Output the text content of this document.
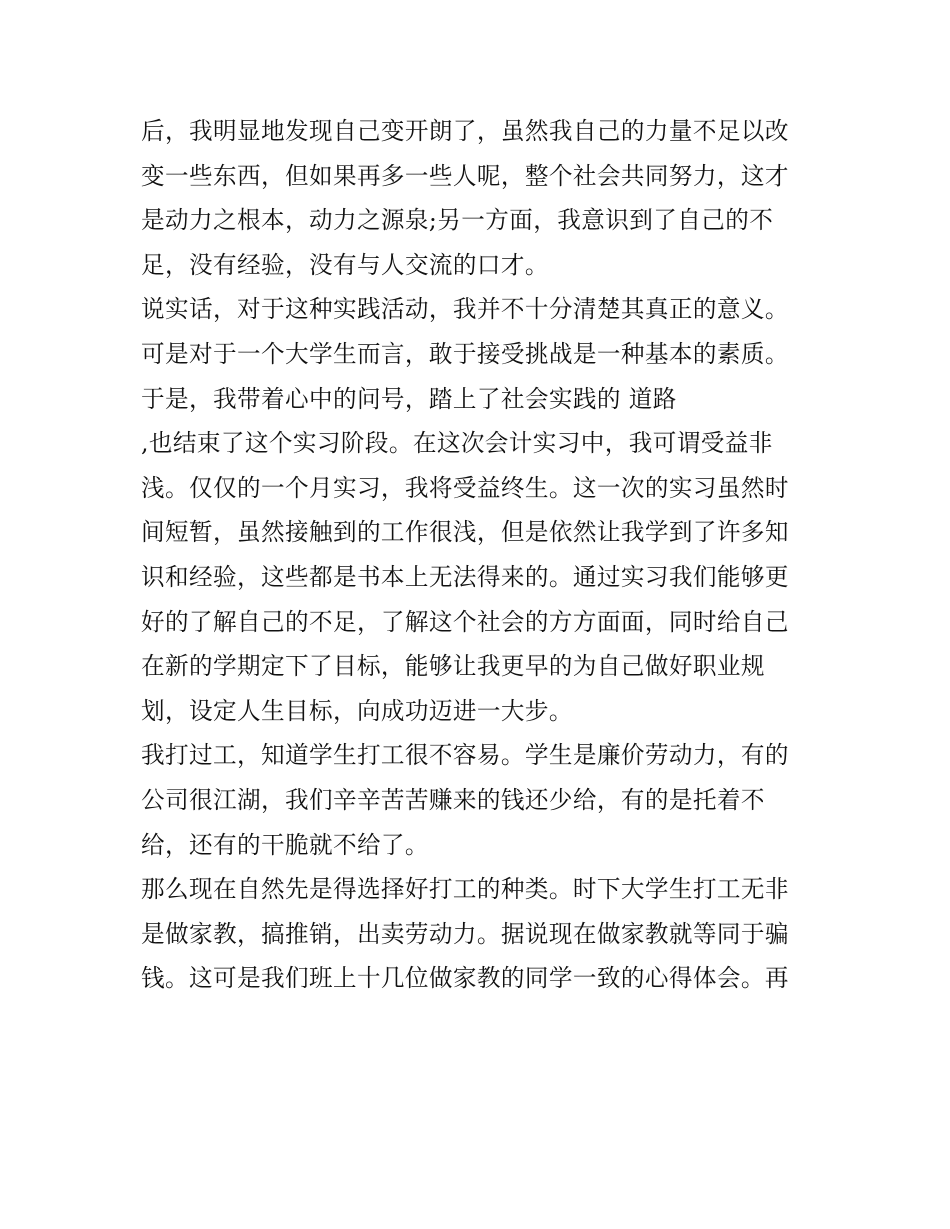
后，我明显地发现自己变开朗了，虽然我自己的力量不足以改
变一些东西，但如果再多一些人呢，整个社会共同努力，这才
是动力之根本，动力之源泉;另一方面，我意识到了自己的不
足，没有经验，没有与人交流的口才。
说实话，对于这种实践活动，我并不十分清楚其真正的意义。
可是对于一个大学生而言，敢于接受挑战是一种基本的素质。
于是，我带着心中的问号，踏上了社会实践的 道路
,也结束了这个实习阶段。在这次会计实习中，我可谓受益非
浅。仅仅的一个月实习，我将受益终生。这一次的实习虽然时
间短暂，虽然接触到的工作很浅，但是依然让我学到了许多知
识和经验，这些都是书本上无法得来的。通过实习我们能够更
好的了解自己的不足，了解这个社会的方方面面，同时给自己
在新的学期定下了目标，能够让我更早的为自己做好职业规
划，设定人生目标，向成功迈进一大步。
我打过工，知道学生打工很不容易。学生是廉价劳动力，有的
公司很江湖，我们辛辛苦苦赚来的钱还少给，有的是托着不
给，还有的干脆就不给了。
那么现在自然先是得选择好打工的种类。时下大学生打工无非
是做家教，搞推销，出卖劳动力。据说现在做家教就等同于骗
钱。这可是我们班上十几位做家教的同学一致的心得体会。再
